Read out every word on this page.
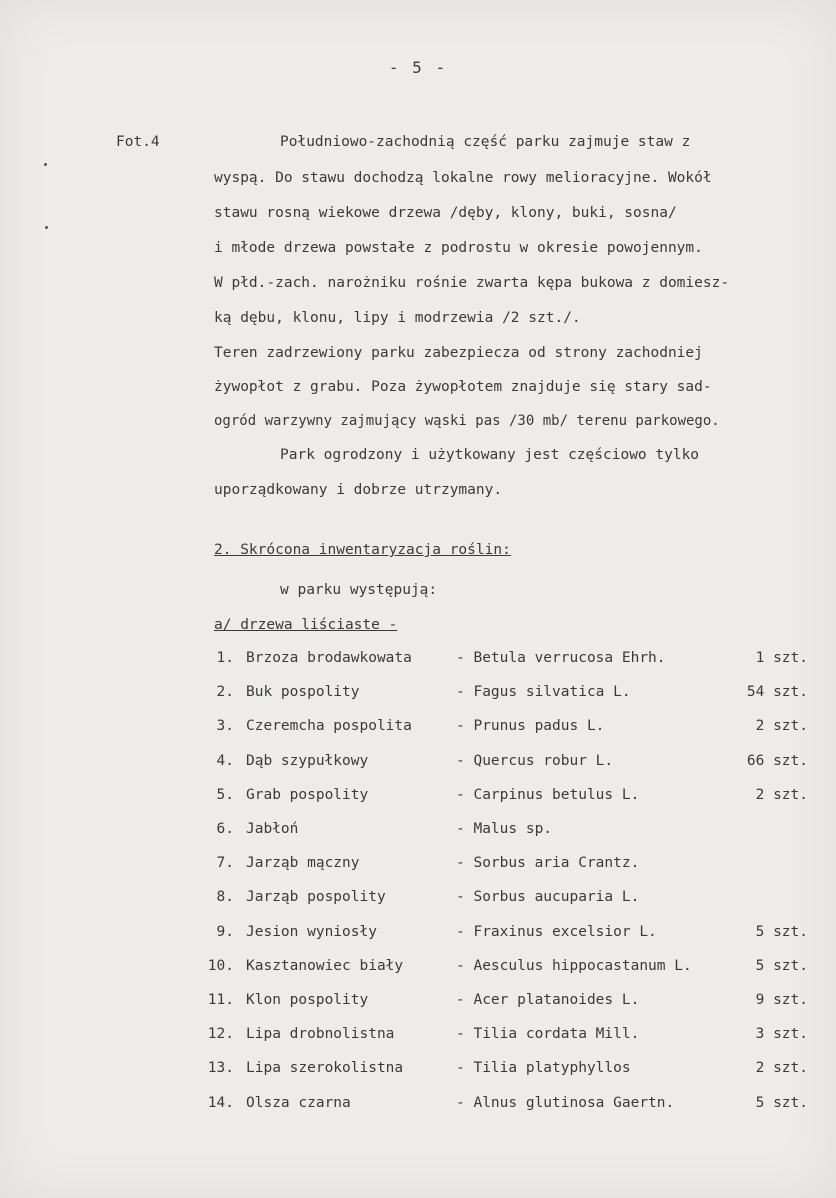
- 5 -
Fot.4	Południowo-zachodnią część parku zajmuje staw z
wyspą. Do stawu dochodzą lokalne rowy melioracyjne. Wokół
stawu rosną wiekowe drzewa /dęby, klony, buki, sosna/
i młode drzewa powstałe z podrostu w okresie powojennym.
W płd.-zach. narożniku rośnie zwarta kępa bukowa z domiesz-
ką dębu, klonu, lipy i modrzewia /2 szt./.
Teren zadrzewiony parku zabezpiecza od strony zachodniej
żywopłot z grabu. Poza żywopłotem znajduje się stary sad-
ogród warzywny zajmujący wąski pas /30 mb/ terenu parkowego.
Park ogrodzony i użytkowany jest częściowo tylko
uporządkowany i dobrze utrzymany.
2. Skrócona inwentaryzacja roślin:
w parku występują:
a/ drzewa liściaste -
1. Brzoza brodawkowata	- Betula verrucosa Ehrh.	1 szt.
2. Buk pospolity	- Fagus silvatica L.	54 szt.
3. Czeremcha pospolita	- Prunus padus L.	2 szt.
4. Dąb szypułkowy	- Quercus robur L.	66 szt.
5. Grab pospolity	- Carpinus betulus L.	2 szt.
6. Jabłoń	- Malus sp.
7. Jarząb mączny	- Sorbus aria Crantz.
8. Jarząb pospolity	- Sorbus aucuparia L.
9. Jesion wyniosły	- Fraxinus excelsior L.	5 szt.
10. Kasztanowiec biały	- Aesculus hippocastanum L.	5 szt.
11. Klon pospolity	- Acer platanoides L.	9 szt.
12. Lipa drobnolistna	- Tilia cordata Mill.	3 szt.
13. Lipa szerokolistna	- Tilia platyphyllos	2 szt.
14. Olsza czarna	- Alnus glutinosa Gaertn.	5 szt.
